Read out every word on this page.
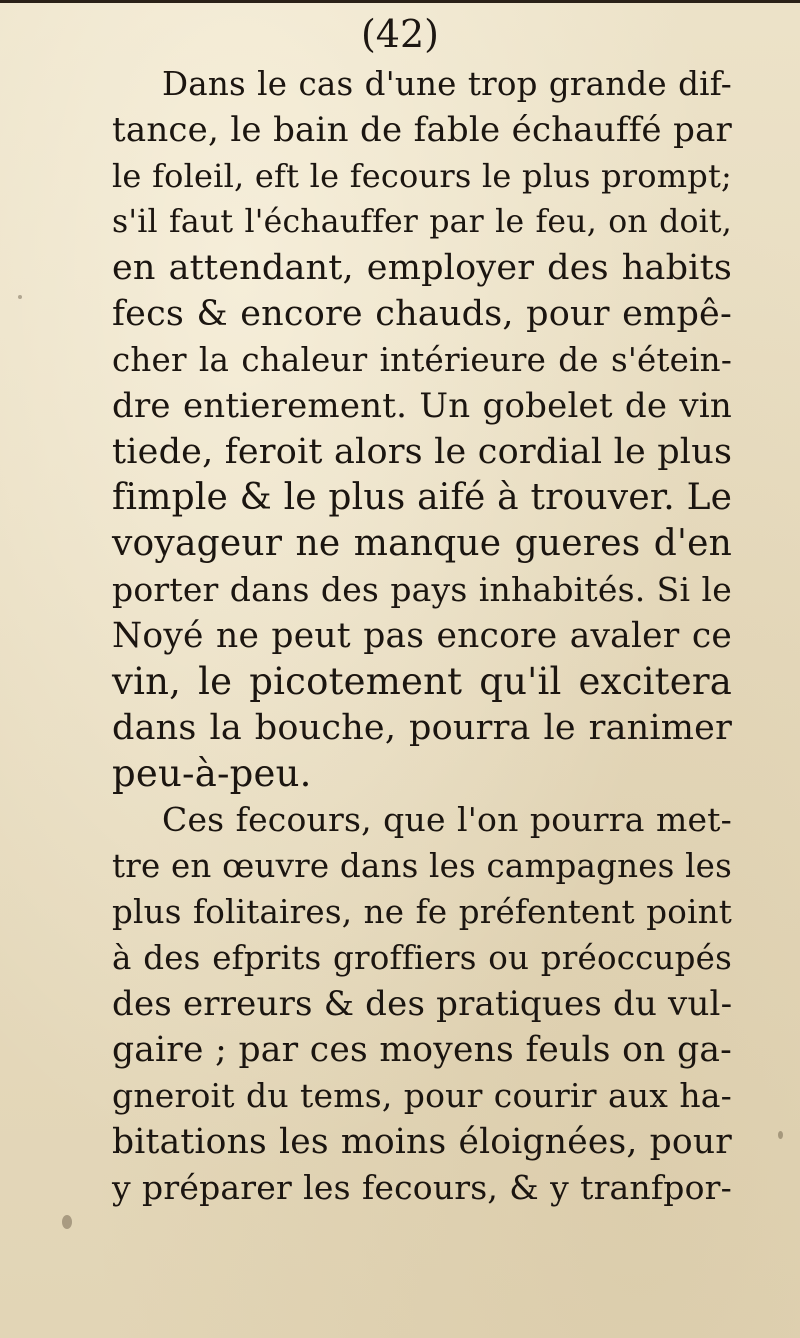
(42)
Dans le cas d'une trop grande dif-
tance, le bain de fable échauffé par
le foleil, eft le fecours le plus prompt;
s'il faut l'échauffer par le feu, on doit,
en attendant, employer des habits
fecs & encore chauds, pour empê-
cher la chaleur intérieure de s'étein-
dre entierement. Un gobelet de vin
tiede, feroit alors le cordial le plus
fimple & le plus aifé à trouver. Le
voyageur ne manque gueres d'en
porter dans des pays inhabités. Si le
Noyé ne peut pas encore avaler ce
vin, le picotement qu'il excitera
dans la bouche, pourra le ranimer
peu-à-peu.
Ces fecours, que l'on pourra met-
tre en œuvre dans les campagnes les
plus folitaires, ne fe préfentent point
à des efprits groffiers ou préoccupés
des erreurs & des pratiques du vul-
gaire ; par ces moyens feuls on ga-
gneroit du tems, pour courir aux ha-
bitations les moins éloignées, pour
y préparer les fecours, & y tranfpor-
